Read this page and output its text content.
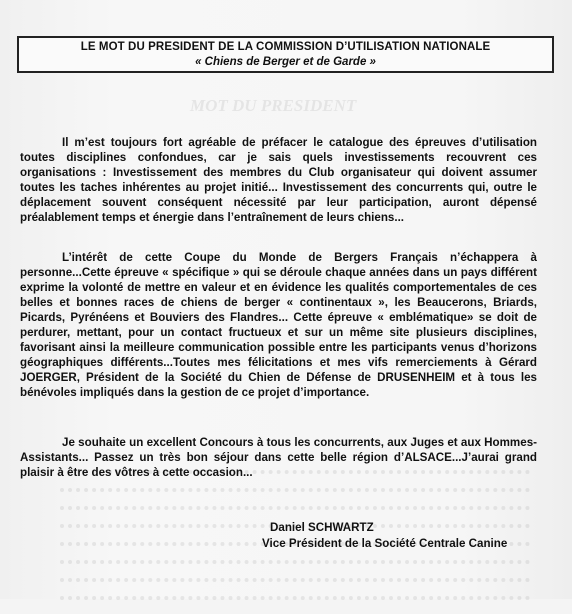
MOT DU PRESIDENT
LE MOT DU PRESIDENT DE LA COMMISSION D’UTILISATION NATIONALE
« Chiens de Berger et de Garde »

Il m’est toujours fort agréable de préfacer le catalogue des épreuves d’utilisation toutes disciplines confondues, car je sais quels investissements recouvrent ces organisations : Investissement des membres du Club organisateur qui doivent assumer toutes les taches inhérentes au projet initié... Investissement des concurrents qui, outre le déplacement souvent conséquent nécessité par leur participation, auront dépensé préalablement temps et énergie dans l’entraînement de leurs chiens...

L’intérêt de cette Coupe du Monde de Bergers Français n’échappera à personne...Cette épreuve « spécifique » qui se déroule chaque années dans un pays différent exprime la volonté de mettre en valeur et en évidence les qualités comportementales de ces belles et bonnes races de chiens de berger « continentaux », les Beaucerons, Briards, Picards, Pyrénéens et Bouviers des Flandres... Cette épreuve « emblématique» se doit de perdurer, mettant, pour un contact fructueux et sur un même site plusieurs disciplines, favorisant ainsi la meilleure communication possible entre les participants venus d’horizons géographiques différents...Toutes mes félicitations et mes vifs remerciements à Gérard JOERGER, Président de la Société du Chien de Défense de DRUSENHEIM et à tous les bénévoles impliqués dans la gestion de ce projet d’importance.

Je souhaite un excellent Concours à tous les concurrents, aux Juges et aux Hommes-Assistants... Passez un très bon séjour dans cette belle région d’ALSACE...J’aurai grand plaisir à être des vôtres à cette occasion...

Daniel SCHWARTZ
Vice Président de la Société Centrale Canine
